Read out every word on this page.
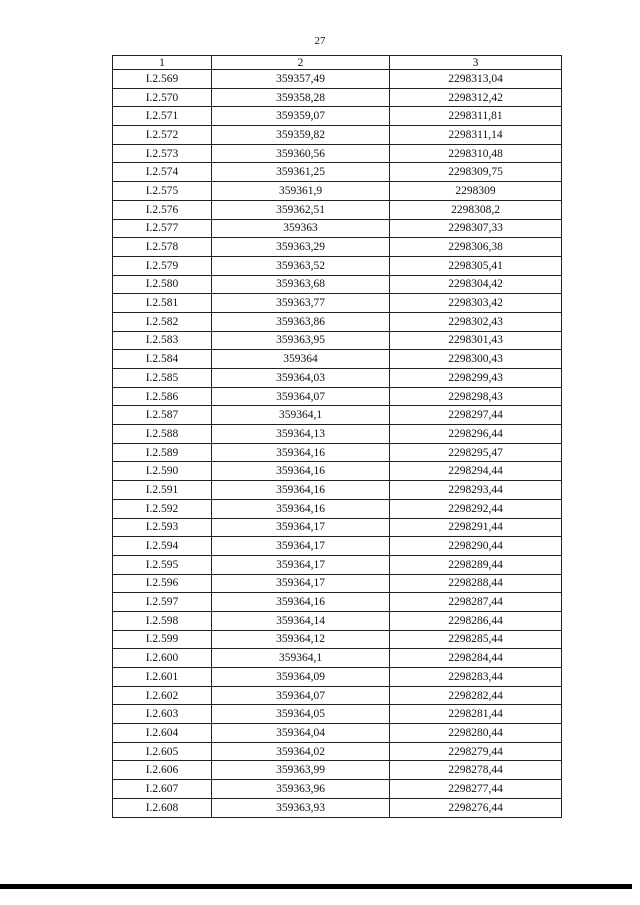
27
1	2	3
I.2.569	359357,49	2298313,04
I.2.570	359358,28	2298312,42
I.2.571	359359,07	2298311,81
I.2.572	359359,82	2298311,14
I.2.573	359360,56	2298310,48
I.2.574	359361,25	2298309,75
I.2.575	359361,9	2298309
I.2.576	359362,51	2298308,2
I.2.577	359363	2298307,33
I.2.578	359363,29	2298306,38
I.2.579	359363,52	2298305,41
I.2.580	359363,68	2298304,42
I.2.581	359363,77	2298303,42
I.2.582	359363,86	2298302,43
I.2.583	359363,95	2298301,43
I.2.584	359364	2298300,43
I.2.585	359364,03	2298299,43
I.2.586	359364,07	2298298,43
I.2.587	359364,1	2298297,44
I.2.588	359364,13	2298296,44
I.2.589	359364,16	2298295,47
I.2.590	359364,16	2298294,44
I.2.591	359364,16	2298293,44
I.2.592	359364,16	2298292,44
I.2.593	359364,17	2298291,44
I.2.594	359364,17	2298290,44
I.2.595	359364,17	2298289,44
I.2.596	359364,17	2298288,44
I.2.597	359364,16	2298287,44
I.2.598	359364,14	2298286,44
I.2.599	359364,12	2298285,44
I.2.600	359364,1	2298284,44
I.2.601	359364,09	2298283,44
I.2.602	359364,07	2298282,44
I.2.603	359364,05	2298281,44
I.2.604	359364,04	2298280,44
I.2.605	359364,02	2298279,44
I.2.606	359363,99	2298278,44
I.2.607	359363,96	2298277,44
I.2.608	359363,93	2298276,44
